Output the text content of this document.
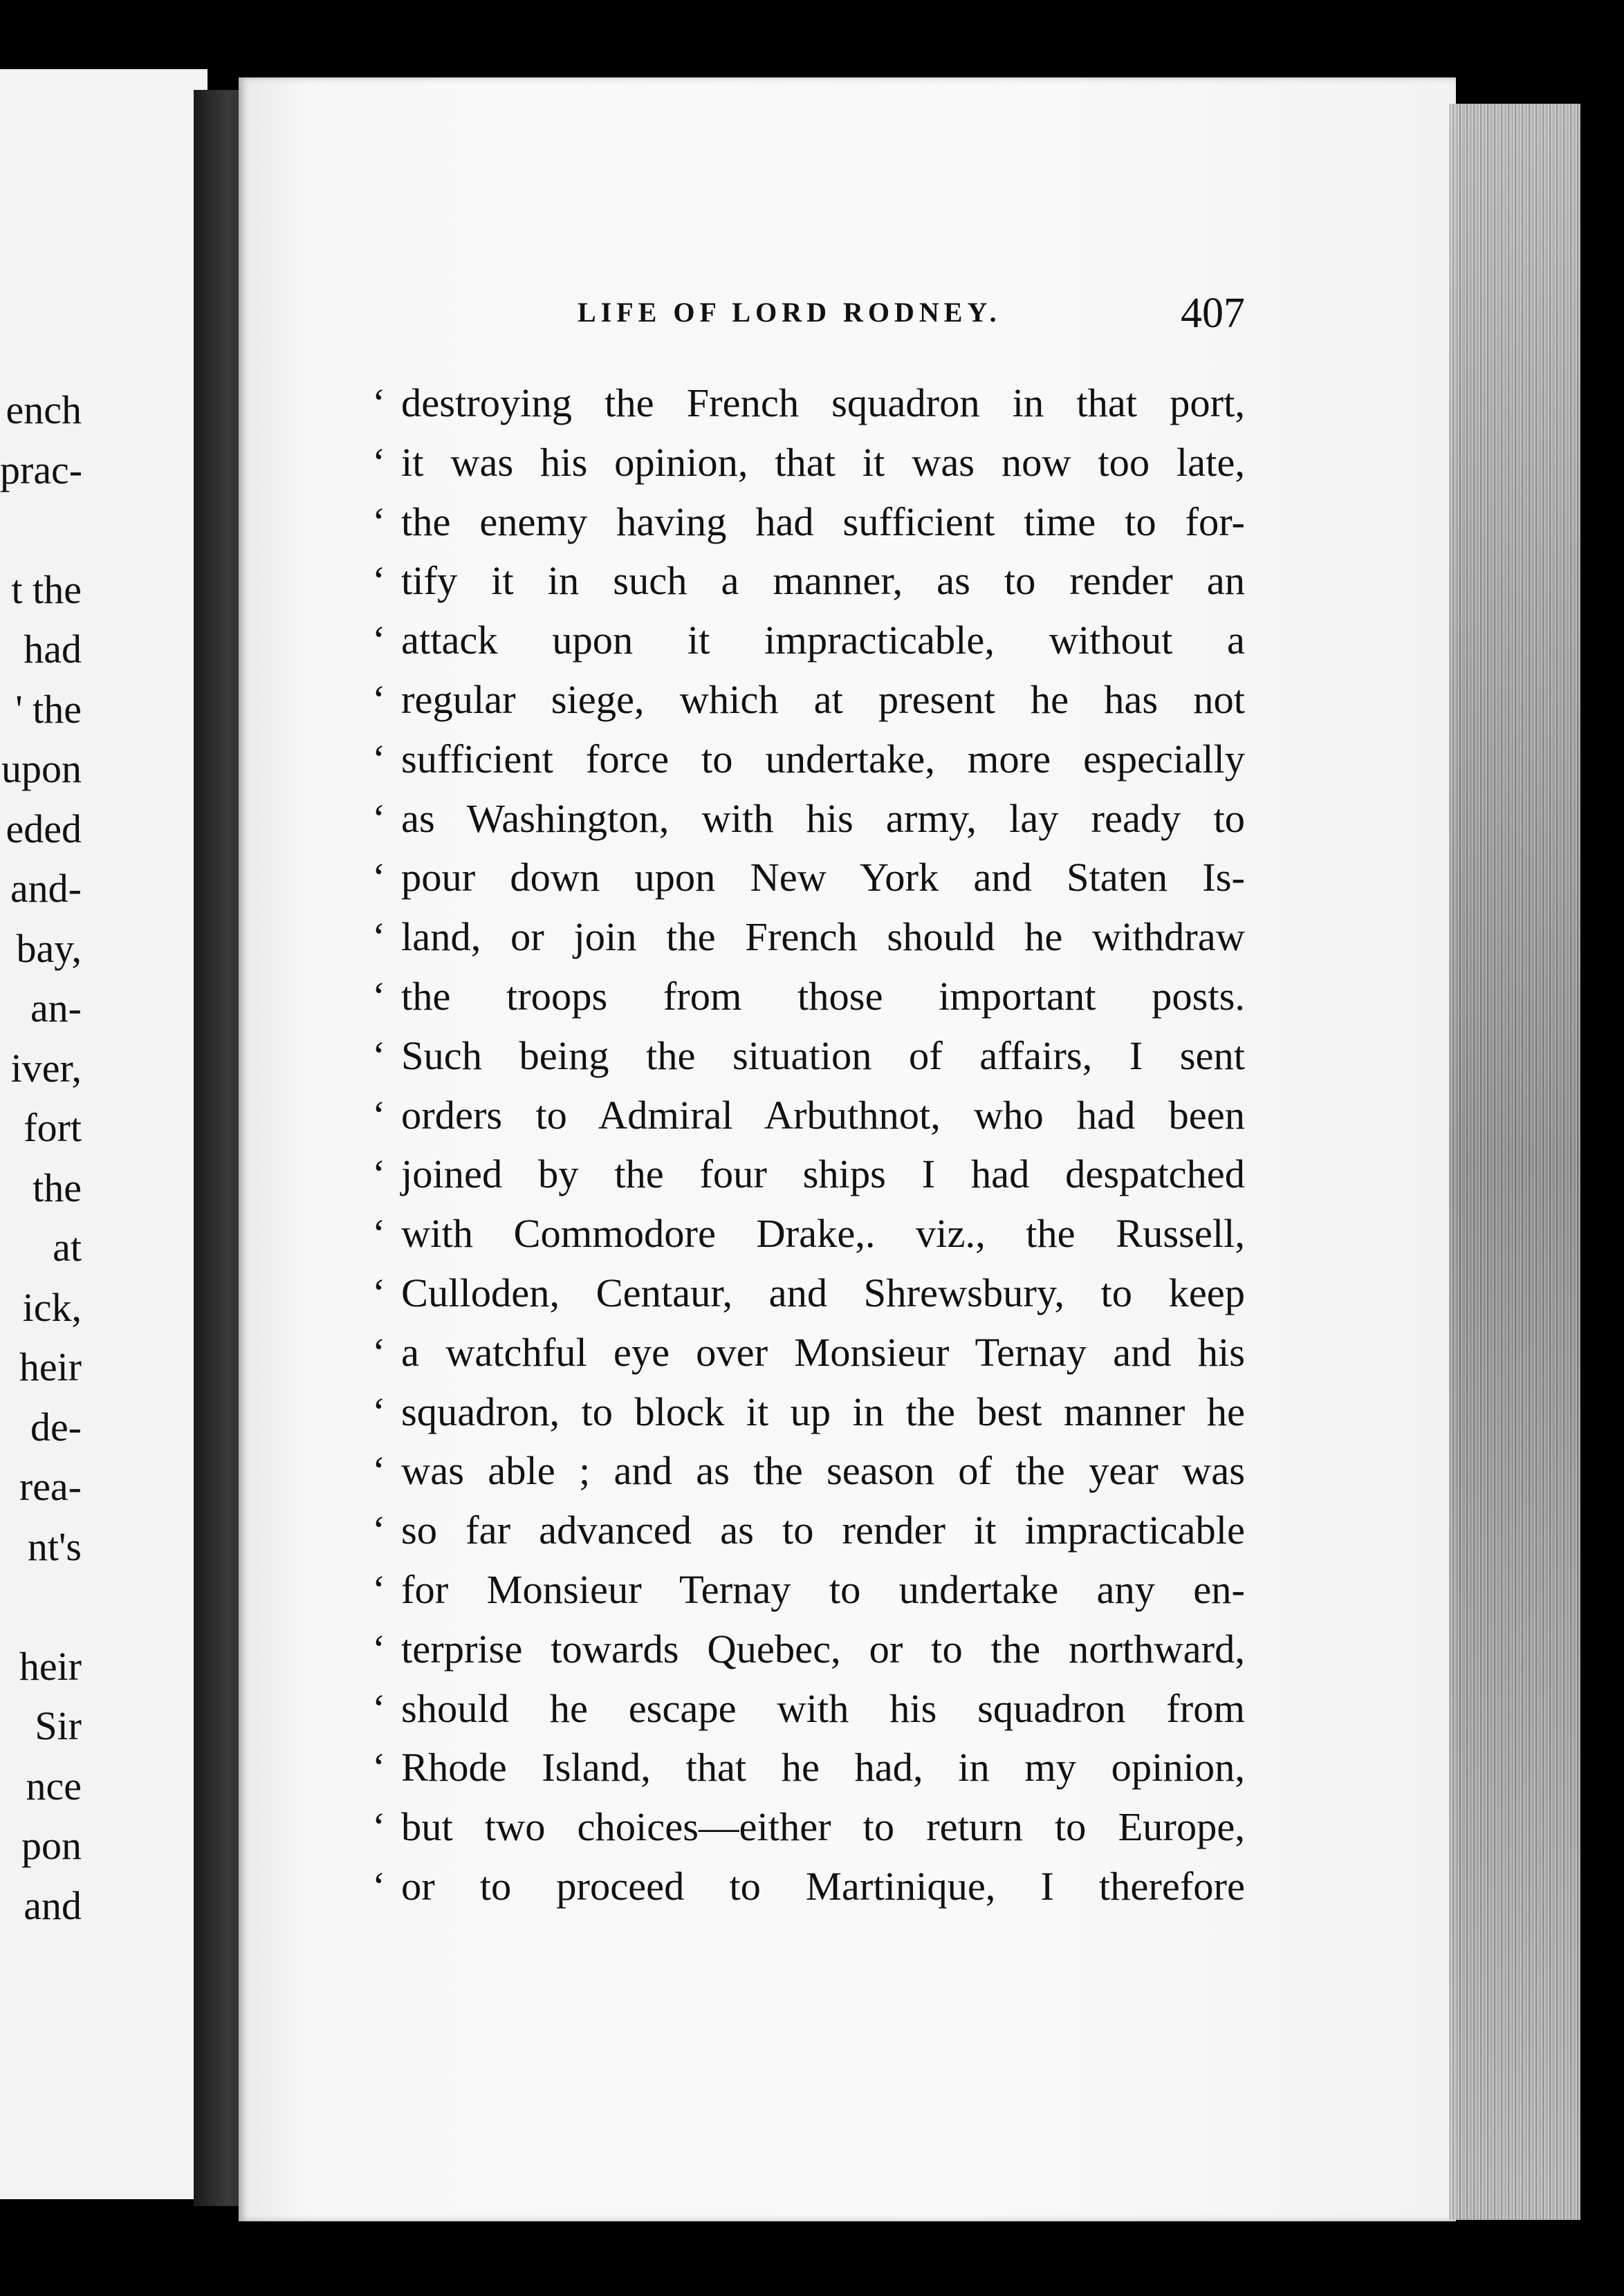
ench
prac-
t the
had
' the
upon
eded
and-
bay,
an-
iver,
fort
the
at
ick,
heir
de-
rea-
nt's
heir
Sir
nce
pon
and
LIFE OF LORD RODNEY.	407
‘ destroying the French squadron in that port,
‘ it was his opinion, that it was now too late,
‘ the enemy having had sufficient time to for-
‘ tify it in such a manner, as to render an
‘ attack upon it impracticable, without a
‘ regular siege, which at present he has not
‘ sufficient force to undertake, more especially
‘ as Washington, with his army, lay ready to
‘ pour down upon New York and Staten Is-
‘ land, or join the French should he withdraw
‘ the troops from those important posts.
‘ Such being the situation of affairs, I sent
‘ orders to Admiral Arbuthnot, who had been
‘ joined by the four ships I had despatched
‘ with Commodore Drake,. viz., the Russell,
‘ Culloden, Centaur, and Shrewsbury, to keep
‘ a watchful eye over Monsieur Ternay and his
‘ squadron, to block it up in the best manner he
‘ was able ; and as the season of the year was
‘ so far advanced as to render it impracticable
‘ for Monsieur Ternay to undertake any en-
‘ terprise towards Quebec, or to the northward,
‘ should he escape with his squadron from
‘ Rhode Island, that he had, in my opinion,
‘ but two choices—either to return to Europe,
‘ or to proceed to Martinique, I therefore
